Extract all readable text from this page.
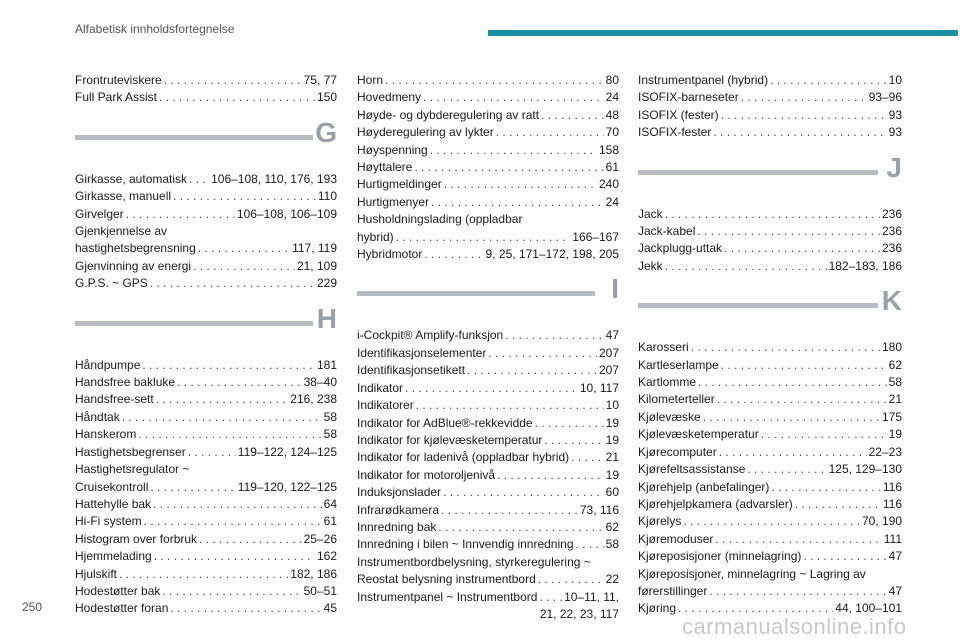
Alfabetisk innholdsfortegnelse
Frontruteviskere . . .	75, 77
Full Park Assist . . .	150
G
Girkasse, automatisk . . . 106–108, 110, 176, 193
Girkasse, manuell . . .	110
Girvelger . . .	106–108, 106–109
Gjenkjennelse av
hastighetsbegrensning . . .	117, 119
Gjenvinning av energi . . .	21, 109
G.P.S. ~ GPS . . .	229
H
Håndpumpe . . .	181
Handsfree bakluke . . .	38–40
Handsfree-sett . . .	216, 238
Håndtak . . .	58
Hanskerom . . .	58
Hastighetsbegrenser . . .	119–122, 124–125
Hastighetsregulator ~
Cruisekontroll . . .	119–120, 122–125
Hattehylle bak . . .	64
Hi-Fi system . . .	61
Histogram over forbruk . . .	25–26
Hjemmelading . . .	162
Hjulskift . . .	182, 186
Hodestøtter bak . . .	50–51
Hodestøtter foran . . .	45
Horn . . .	80
Hovedmeny . . .	24
Høyde- og dybderegulering av ratt . . .	48
Høyderegulering av lykter . . .	70
Høyspenning . . .	158
Høyttalere . . .	61
Hurtigmeldinger . . .	240
Hurtigmenyer . . .	24
Husholdningslading (oppladbar
hybrid) . . .	166–167
Hybridmotor . . .	9, 25, 171–172, 198, 205
I
i-Cockpit® Amplify-funksjon . . .	47
Identifikasjonselementer . . .	207
Identifikasjonsetikett . . .	207
Indikator . . .	10, 117
Indikatorer . . .	10
Indikator for AdBlue®-rekkevidde . . .	19
Indikator for kjølevæsketemperatur . . .	19
Indikator for ladenivå (oppladbar hybrid) . . .	21
Indikator for motoroljenivå . . .	19
Induksjonslader . . .	60
Infrarødkamera . . .	73, 116
Innredning bak . . .	62
Innredning i bilen ~ Innvendig innredning . . .	58
Instrumentbordbelysning, styrkeregulering ~
Reostat belysning instrumentbord . . .	22
Instrumentpanel ~ Instrumentbord . . . 10–11, 11,
21, 22, 23, 117
Instrumentpanel (hybrid) . . .	10
ISOFIX-barneseter . . .	93–96
ISOFIX (fester) . . .	93
ISOFIX-fester . . .	93
J
Jack . . .	236
Jack-kabel . . .	236
Jackplugg-uttak . . .	236
Jekk . . .	182–183, 186
K
Karosseri . . .	180
Kartleserlampe . . .	62
Kartlomme . . .	58
Kilometerteller . . .	21
Kjølevæske . . .	175
Kjølevæsketemperatur . . .	19
Kjørecomputer . . .	22–23
Kjørefeltsassistanse . . .	125, 129–130
Kjørehjelp (anbefalinger) . . .	116
Kjørehjelpkamera (advarsler) . . .	116
Kjørelys . . .	70, 190
Kjøremoduser . . .	111
Kjøreposisjoner (minnelagring) . . .	47
Kjøreposisjoner, minnelagring ~ Lagring av
førerstillinger . . .	47
Kjøring . . .	44, 100–101
250
carmanualsonline.info
